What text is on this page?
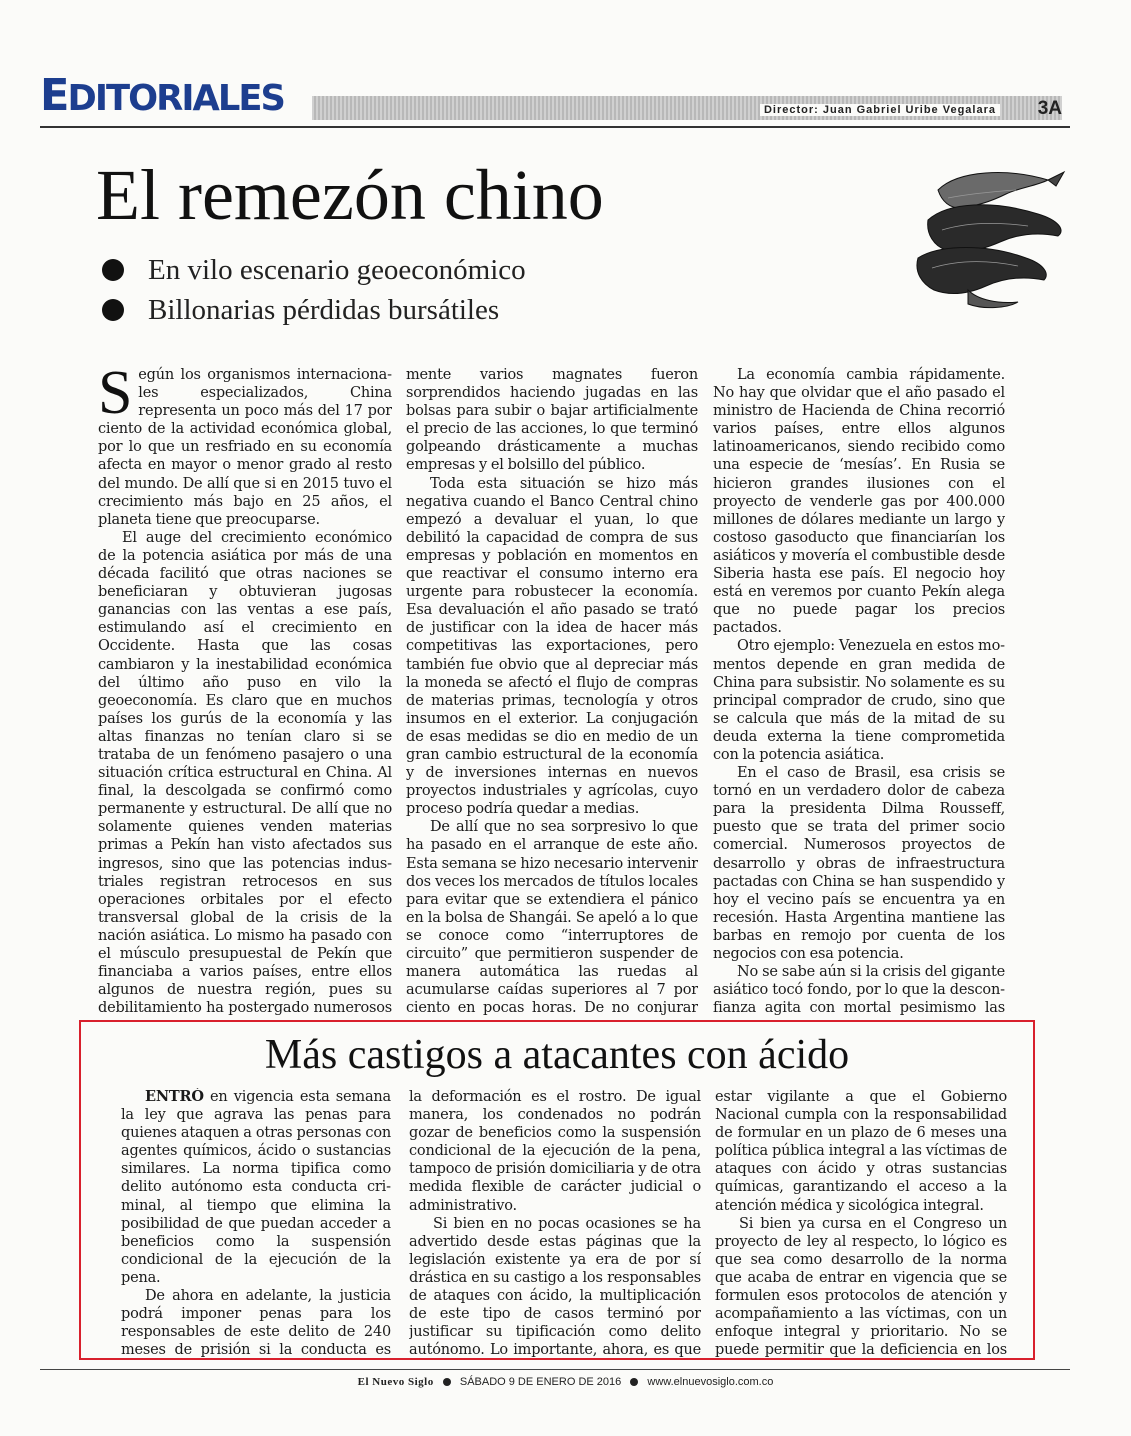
EDITORIALES	Director: Juan Gabriel Uribe Vegalara 3A
El remezón chino
En vilo escenario geoeconómico
Billonarias pérdidas bursátiles

Según los organismos internacionales especializados, China representa un poco más del 17 por ciento de la actividad económica global, por lo que un resfriado en su economía afecta en mayor o menor grado al resto del mundo. De allí que si en 2015 tuvo el crecimiento más bajo en 25 años, el planeta tiene que preocuparse.

El auge del crecimiento económico de la potencia asiática por más de una década facilitó que otras naciones se beneficiaran y obtuvieran jugosas ganancias con las ventas a ese país, estimulando así el crecimiento en Occidente. Hasta que las cosas cambiaron y la inestabilidad económica del último año puso en vilo la geoeconomía. Es claro que en muchos países los gurús de la economía y las altas finanzas no tenían claro si se trataba de un fenómeno pasajero o una situación crítica estructural en China. Al final, la descolgada se confirmó como permanente y estructural. De allí que no solamente quienes venden materias primas a Pekín han visto afectados sus ingresos, sino que las potencias industriales registran retrocesos en sus operaciones orbitales por el efecto transversal global de la crisis de la nación asiática. Lo mismo ha pasado con el músculo presupuestal de Pekín que financiaba a varios países, entre ellos algunos de nuestra región, pues su debilitamiento ha postergado numerosos

mente varios magnates fueron sorprendidos haciendo jugadas en las bolsas para subir o bajar artificialmente el precio de las acciones, lo que terminó golpeando drásticamente a muchas empresas y el bolsillo del público.

Toda esta situación se hizo más negativa cuando el Banco Central chino empezó a devaluar el yuan, lo que debilitó la capacidad de compra de sus empresas y población en momentos en que reactivar el consumo interno era urgente para robustecer la economía. Esa devaluación el año pasado se trató de justificar con la idea de hacer más competitivas las exportaciones, pero también fue obvio que al depreciar más la moneda se afectó el flujo de compras de materias primas, tecnología y otros insumos en el exterior. La conjugación de esas medidas se dio en medio de un gran cambio estructural de la economía y de inversiones internas en nuevos proyectos industriales y agrícolas, cuyo proceso podría quedar a medias.

De allí que no sea sorpresivo lo que ha pasado en el arranque de este año. Esta semana se hizo necesario intervenir dos veces los mercados de títulos locales para evitar que se extendiera el pánico en la bolsa de Shangái. Se apeló a lo que se conoce como “interruptores de circuito” que permitieron suspender de manera automática las ruedas al acumularse caídas superiores al 7 por ciento en pocas horas. De no conjurar

La economía cambia rápidamente. No hay que olvidar que el año pasado el ministro de Hacienda de China recorrió varios países, entre ellos algunos latinoamericanos, siendo recibido como una especie de ‘mesías’. En Rusia se hicieron grandes ilusiones con el proyecto de venderle gas por 400.000 millones de dólares mediante un largo y costoso gasoducto que financiarían los asiáticos y movería el combustible desde Siberia hasta ese país. El negocio hoy está en veremos por cuanto Pekín alega que no puede pagar los precios pactados.

Otro ejemplo: Venezuela en estos momentos depende en gran medida de China para subsistir. No solamente es su principal comprador de crudo, sino que se calcula que más de la mitad de su deuda externa la tiene comprometida con la potencia asiática.

En el caso de Brasil, esa crisis se tornó en un verdadero dolor de cabeza para la presidenta Dilma Rousseff, puesto que se trata del primer socio comercial. Numerosos proyectos de desarrollo y obras de infraestructura pactadas con China se han suspendido y hoy el vecino país se encuentra ya en recesión. Hasta Argentina mantiene las barbas en remojo por cuenta de los negocios con esa potencia.

No se sabe aún si la crisis del gigante asiático tocó fondo, por lo que la desconfianza agita con mortal pesimismo las

Más castigos a atacantes con ácido

ENTRÓ en vigencia esta semana la ley que agrava las penas para quienes ataquen a otras personas con agentes químicos, ácido o sustancias similares. La norma tipifica como delito autónomo esta conducta criminal, al tiempo que elimina la posibilidad de que puedan acceder a beneficios como la suspensión condicional de la ejecución de la pena.

De ahora en adelante, la justicia podrá imponer penas para los responsables de este delito de 240 meses de prisión si la conducta es

la deformación es el rostro. De igual manera, los condenados no podrán gozar de beneficios como la suspensión condicional de la ejecución de la pena, tampoco de prisión domiciliaria y de otra medida flexible de carácter judicial o administrativo.

Si bien en no pocas ocasiones se ha advertido desde estas páginas que la legislación existente ya era de por sí drástica en su castigo a los responsables de ataques con ácido, la multiplicación de este tipo de casos terminó por justificar su tipificación como delito autónomo. Lo importante, ahora, es que

estar vigilante a que el Gobierno Nacional cumpla con la responsabilidad de formular en un plazo de 6 meses una política pública integral a las víctimas de ataques con ácido y otras sustancias químicas, garantizando el acceso a la atención médica y sicológica integral.

Si bien ya cursa en el Congreso un proyecto de ley al respecto, lo lógico es que sea como desarrollo de la norma que acaba de entrar en vigencia que se formulen esos protocolos de atención y acompañamiento a las víctimas, con un enfoque integral y prioritario. No se puede permitir que la deficiencia en los

El Nuevo Siglo SÁBADO 9 DE ENERO DE 2016 www.elnuevosiglo.com.co
